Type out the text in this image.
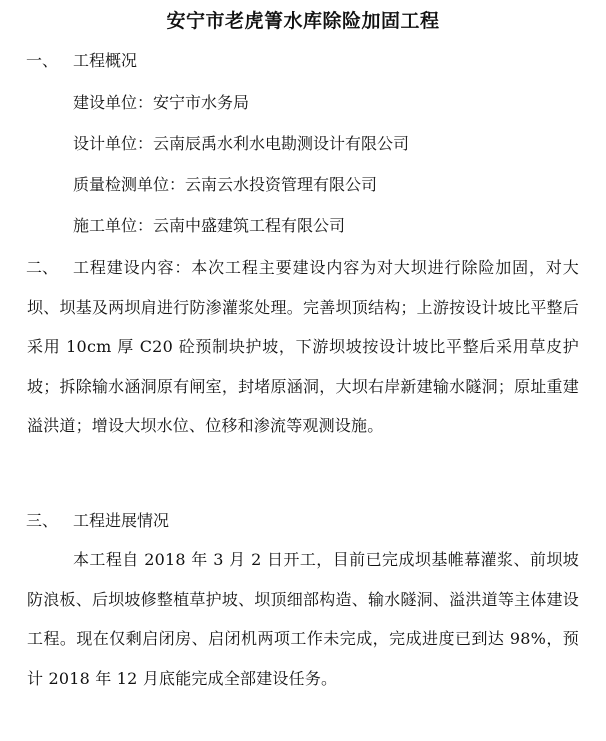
安宁市老虎箐水库除险加固工程
一、 工程概况
建设单位：安宁市水务局
设计单位：云南辰禹水利水电勘测设计有限公司
质量检测单位：云南云水投资管理有限公司
施工单位：云南中盛建筑工程有限公司
二、 工程建设内容：本次工程主要建设内容为对大坝进行除险加固，对大坝、坝基及两坝肩进行防渗灌浆处理。完善坝顶结构；上游按设计坡比平整后采用 10cm 厚 C20 砼预制块护坡，下游坝坡按设计坡比平整后采用草皮护坡；拆除输水涵洞原有闸室，封堵原涵洞，大坝右岸新建输水隧洞；原址重建溢洪道；增设大坝水位、位移和渗流等观测设施。
三、 工程进展情况
本工程自 2018 年 3 月 2 日开工，目前已完成坝基帷幕灌浆、前坝坡防浪板、后坝坡修整植草护坡、坝顶细部构造、输水隧洞、溢洪道等主体建设工程。现在仅剩启闭房、启闭机两项工作未完成，完成进度已到达 98%，预计 2018 年 12 月底能完成全部建设任务。
